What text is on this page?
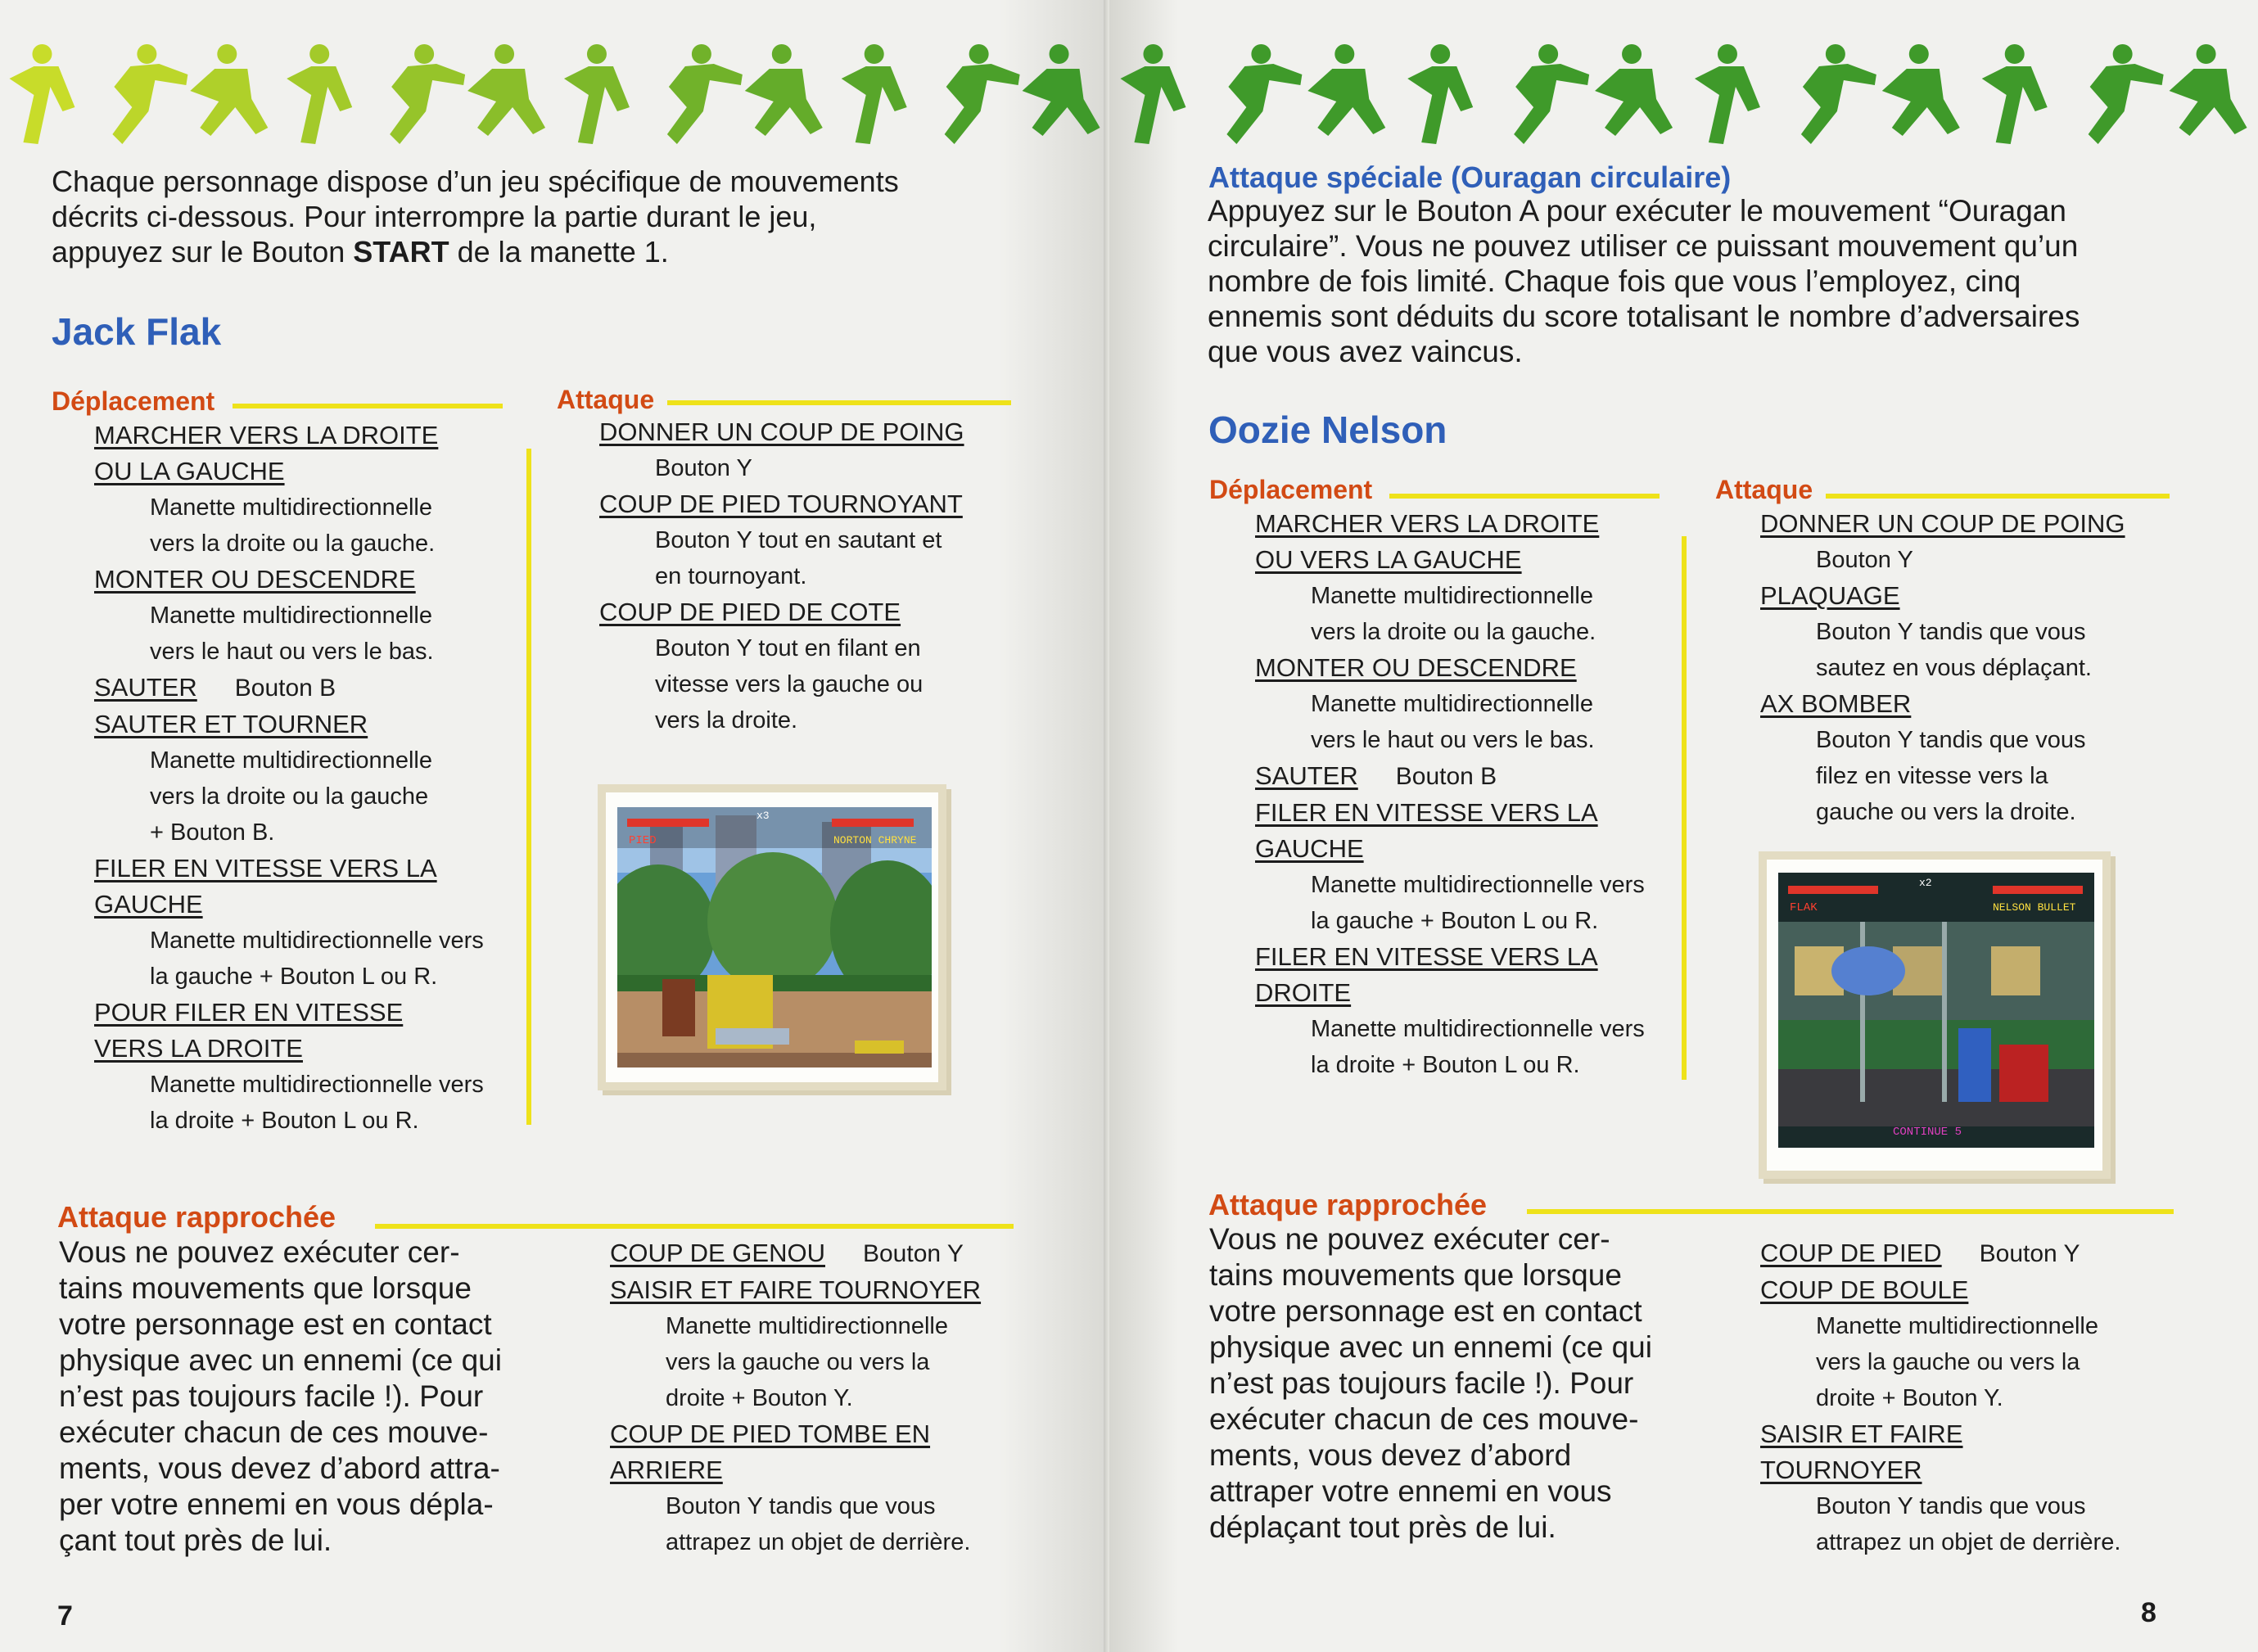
Chaque personnage dispose d’un jeu spécifique de mouvements
décrits ci-dessous. Pour interrompre la partie durant le jeu,
appuyez sur le Bouton START de la manette 1.
Jack Flak
Déplacement
MARCHER VERS LA DROITE
OU LA GAUCHE
Manette multidirectionnelle
vers la droite ou la gauche.
MONTER OU DESCENDRE
Manette multidirectionnelle
vers le haut ou vers le bas.
SAUTER Bouton B
SAUTER ET TOURNER
Manette multidirectionnelle
vers la droite ou la gauche
+ Bouton B.
FILER EN VITESSE VERS LA
GAUCHE
Manette multidirectionnelle vers
la gauche + Bouton L ou R.
POUR FILER EN VITESSE
VERS LA DROITE
Manette multidirectionnelle vers
la droite + Bouton L ou R.
Attaque
DONNER UN COUP DE POING
Bouton Y
COUP DE PIED TOURNOYANT
Bouton Y tout en sautant et
en tournoyant.
COUP DE PIED DE COTE
Bouton Y tout en filant en
vitesse vers la gauche ou
vers la droite.
PIED	NORTON CHRYNE
x3
Attaque rapprochée
Vous ne pouvez exécuter cer-
tains mouvements que lorsque
votre personnage est en contact
physique avec un ennemi (ce qui
n’est pas toujours facile !). Pour
exécuter chacun de ces mouve-
ments, vous devez d’abord attra-
per votre ennemi en vous dépla-
çant tout près de lui.
COUP DE GENOU Bouton Y
SAISIR ET FAIRE TOURNOYER
Manette multidirectionnelle
vers la gauche ou vers la
droite + Bouton Y.
COUP DE PIED TOMBE EN
ARRIERE
Bouton Y tandis que vous
attrapez un objet de derrière.
7
Attaque spéciale (Ouragan circulaire)
Appuyez sur le Bouton A pour exécuter le mouvement “Ouragan
circulaire”. Vous ne pouvez utiliser ce puissant mouvement qu’un
nombre de fois limité. Chaque fois que vous l’employez, cinq
ennemis sont déduits du score totalisant le nombre d’adversaires
que vous avez vaincus.
Oozie Nelson
Déplacement
MARCHER VERS LA DROITE
OU VERS LA GAUCHE
Manette multidirectionnelle
vers la droite ou la gauche.
MONTER OU DESCENDRE
Manette multidirectionnelle
vers le haut ou vers le bas.
SAUTER Bouton B
FILER EN VITESSE VERS LA
GAUCHE
Manette multidirectionnelle vers
la gauche + Bouton L ou R.
FILER EN VITESSE VERS LA
DROITE
Manette multidirectionnelle vers
la droite + Bouton L ou R.
Attaque
DONNER UN COUP DE POING
Bouton Y
PLAQUAGE
Bouton Y tandis que vous
sautez en vous déplaçant.
AX BOMBER
Bouton Y tandis que vous
filez en vitesse vers la
gauche ou vers la droite.
FLAK	NELSON BULLET
x2
CONTINUE 5
Attaque rapprochée
Vous ne pouvez exécuter cer-
tains mouvements que lorsque
votre personnage est en contact
physique avec un ennemi (ce qui
n’est pas toujours facile !). Pour
exécuter chacun de ces mouve-
ments, vous devez d’abord
attraper votre ennemi en vous
déplaçant tout près de lui.
COUP DE PIED Bouton Y
COUP DE BOULE
Manette multidirectionnelle
vers la gauche ou vers la
droite + Bouton Y.
SAISIR ET FAIRE
TOURNOYER
Bouton Y tandis que vous
attrapez un objet de derrière.
8
